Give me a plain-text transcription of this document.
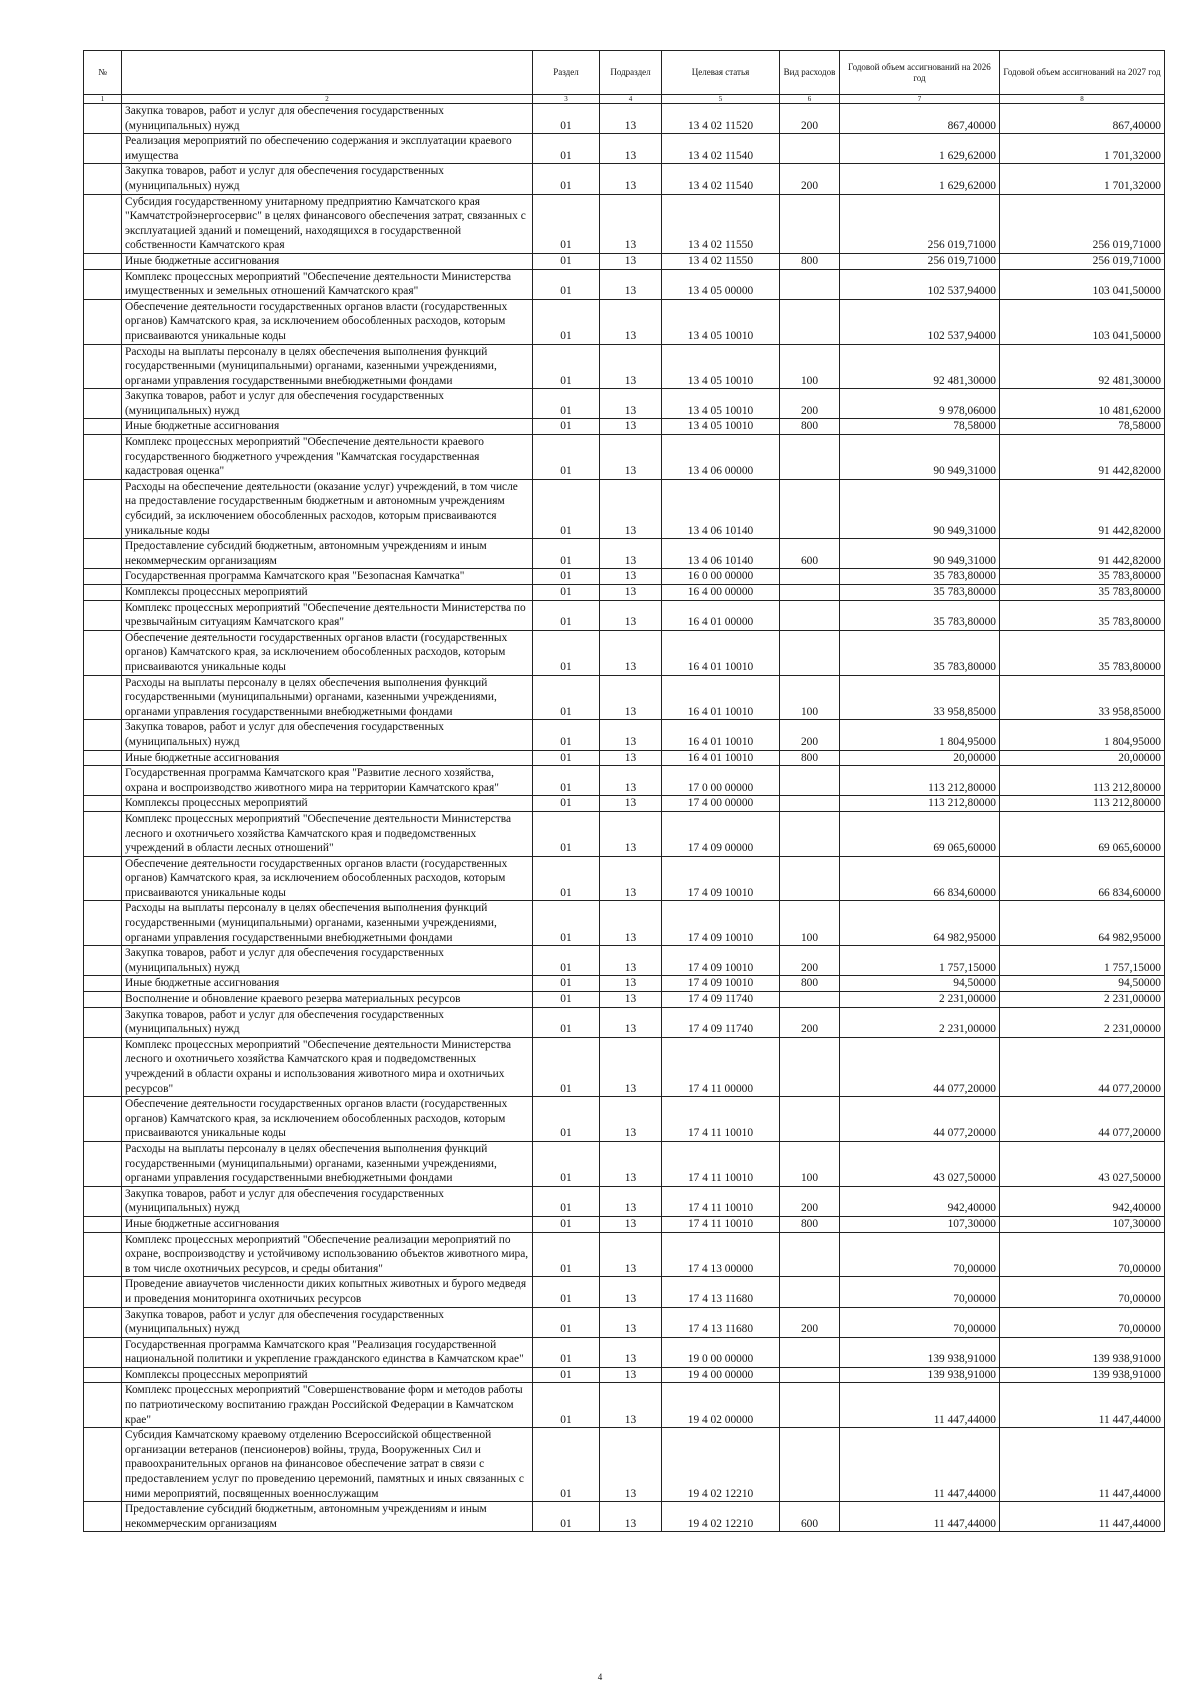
№		Раздел	Подраздел	Целевая статья	Вид расходов	Годовой объем ассигнований на 2026 год	Годовой объем ассигнований на 2027 год
1	2	3	4	5	6	7	8
	Закупка товаров, работ и услуг для обеспечения государственных (муниципальных) нужд	01	13	13 4 02 11520	200	867,40000	867,40000
	Реализация мероприятий по обеспечению содержания и эксплуатации краевого имущества	01	13	13 4 02 11540		1 629,62000	1 701,32000
	Закупка товаров, работ и услуг для обеспечения государственных (муниципальных) нужд	01	13	13 4 02 11540	200	1 629,62000	1 701,32000
	Субсидия государственному унитарному предприятию Камчатского края "Камчатстройэнергосервис" в целях финансового обеспечения затрат, связанных с эксплуатацией зданий и помещений, находящихся в государственной собственности Камчатского края	01	13	13 4 02 11550		256 019,71000	256 019,71000
	Иные бюджетные ассигнования	01	13	13 4 02 11550	800	256 019,71000	256 019,71000
	Комплекс процессных мероприятий "Обеспечение деятельности Министерства имущественных и земельных отношений Камчатского края"	01	13	13 4 05 00000		102 537,94000	103 041,50000
	Обеспечение деятельности государственных органов власти (государственных органов) Камчатского края, за исключением обособленных расходов, которым присваиваются уникальные коды	01	13	13 4 05 10010		102 537,94000	103 041,50000
	Расходы на выплаты персоналу в целях обеспечения выполнения функций государственными (муниципальными) органами, казенными учреждениями, органами управления государственными внебюджетными фондами	01	13	13 4 05 10010	100	92 481,30000	92 481,30000
	Закупка товаров, работ и услуг для обеспечения государственных (муниципальных) нужд	01	13	13 4 05 10010	200	9 978,06000	10 481,62000
	Иные бюджетные ассигнования	01	13	13 4 05 10010	800	78,58000	78,58000
	Комплекс процессных мероприятий "Обеспечение деятельности краевого государственного бюджетного учреждения "Камчатская государственная кадастровая оценка"	01	13	13 4 06 00000		90 949,31000	91 442,82000
	Расходы на обеспечение деятельности (оказание услуг) учреждений, в том числе на предоставление государственным бюджетным и автономным учреждениям субсидий, за исключением обособленных расходов, которым присваиваются уникальные коды	01	13	13 4 06 10140		90 949,31000	91 442,82000
	Предоставление субсидий бюджетным, автономным учреждениям и иным некоммерческим организациям	01	13	13 4 06 10140	600	90 949,31000	91 442,82000
	Государственная программа Камчатского края "Безопасная Камчатка"	01	13	16 0 00 00000		35 783,80000	35 783,80000
	Комплексы процессных мероприятий	01	13	16 4 00 00000		35 783,80000	35 783,80000
	Комплекс процессных мероприятий "Обеспечение деятельности Министерства по чрезвычайным ситуациям Камчатского края"	01	13	16 4 01 00000		35 783,80000	35 783,80000
	Обеспечение деятельности государственных органов власти (государственных органов) Камчатского края, за исключением обособленных расходов, которым присваиваются уникальные коды	01	13	16 4 01 10010		35 783,80000	35 783,80000
	Расходы на выплаты персоналу в целях обеспечения выполнения функций государственными (муниципальными) органами, казенными учреждениями, органами управления государственными внебюджетными фондами	01	13	16 4 01 10010	100	33 958,85000	33 958,85000
	Закупка товаров, работ и услуг для обеспечения государственных (муниципальных) нужд	01	13	16 4 01 10010	200	1 804,95000	1 804,95000
	Иные бюджетные ассигнования	01	13	16 4 01 10010	800	20,00000	20,00000
	Государственная программа Камчатского края "Развитие лесного хозяйства, охрана и воспроизводство животного мира на территории Камчатского края"	01	13	17 0 00 00000		113 212,80000	113 212,80000
	Комплексы процессных мероприятий	01	13	17 4 00 00000		113 212,80000	113 212,80000
	Комплекс процессных мероприятий "Обеспечение деятельности Министерства лесного и охотничьего хозяйства Камчатского края и подведомственных учреждений в области лесных отношений"	01	13	17 4 09 00000		69 065,60000	69 065,60000
	Обеспечение деятельности государственных органов власти (государственных органов) Камчатского края, за исключением обособленных расходов, которым присваиваются уникальные коды	01	13	17 4 09 10010		66 834,60000	66 834,60000
	Расходы на выплаты персоналу в целях обеспечения выполнения функций государственными (муниципальными) органами, казенными учреждениями, органами управления государственными внебюджетными фондами	01	13	17 4 09 10010	100	64 982,95000	64 982,95000
	Закупка товаров, работ и услуг для обеспечения государственных (муниципальных) нужд	01	13	17 4 09 10010	200	1 757,15000	1 757,15000
	Иные бюджетные ассигнования	01	13	17 4 09 10010	800	94,50000	94,50000
	Восполнение и обновление краевого резерва материальных ресурсов	01	13	17 4 09 11740		2 231,00000	2 231,00000
	Закупка товаров, работ и услуг для обеспечения государственных (муниципальных) нужд	01	13	17 4 09 11740	200	2 231,00000	2 231,00000
	Комплекс процессных мероприятий "Обеспечение деятельности Министерства лесного и охотничьего хозяйства Камчатского края и подведомственных учреждений в области охраны и использования животного мира и охотничьих ресурсов"	01	13	17 4 11 00000		44 077,20000	44 077,20000
	Обеспечение деятельности государственных органов власти (государственных органов) Камчатского края, за исключением обособленных расходов, которым присваиваются уникальные коды	01	13	17 4 11 10010		44 077,20000	44 077,20000
	Расходы на выплаты персоналу в целях обеспечения выполнения функций государственными (муниципальными) органами, казенными учреждениями, органами управления государственными внебюджетными фондами	01	13	17 4 11 10010	100	43 027,50000	43 027,50000
	Закупка товаров, работ и услуг для обеспечения государственных (муниципальных) нужд	01	13	17 4 11 10010	200	942,40000	942,40000
	Иные бюджетные ассигнования	01	13	17 4 11 10010	800	107,30000	107,30000
	Комплекс процессных мероприятий "Обеспечение реализации мероприятий по охране, воспроизводству и устойчивому использованию объектов животного мира, в том числе охотничьих ресурсов, и среды обитания"	01	13	17 4 13 00000		70,00000	70,00000
	Проведение авиаучетов численности диких копытных животных и бурого медведя и проведения мониторинга охотничьих ресурсов	01	13	17 4 13 11680		70,00000	70,00000
	Закупка товаров, работ и услуг для обеспечения государственных (муниципальных) нужд	01	13	17 4 13 11680	200	70,00000	70,00000
	Государственная программа Камчатского края "Реализация государственной национальной политики и укрепление гражданского единства в Камчатском крае"	01	13	19 0 00 00000		139 938,91000	139 938,91000
	Комплексы процессных мероприятий	01	13	19 4 00 00000		139 938,91000	139 938,91000
	Комплекс процессных мероприятий "Совершенствование форм и методов работы по патриотическому воспитанию граждан Российской Федерации в Камчатском крае"	01	13	19 4 02 00000		11 447,44000	11 447,44000
	Субсидия Камчатскому краевому отделению Всероссийской общественной организации ветеранов (пенсионеров) войны, труда, Вооруженных Сил и правоохранительных органов на финансовое обеспечение затрат в связи с предоставлением услуг по проведению церемоний, памятных и иных связанных с ними мероприятий, посвященных военнослужащим	01	13	19 4 02 12210		11 447,44000	11 447,44000
	Предоставление субсидий бюджетным, автономным учреждениям и иным некоммерческим организациям	01	13	19 4 02 12210	600	11 447,44000	11 447,44000
4
